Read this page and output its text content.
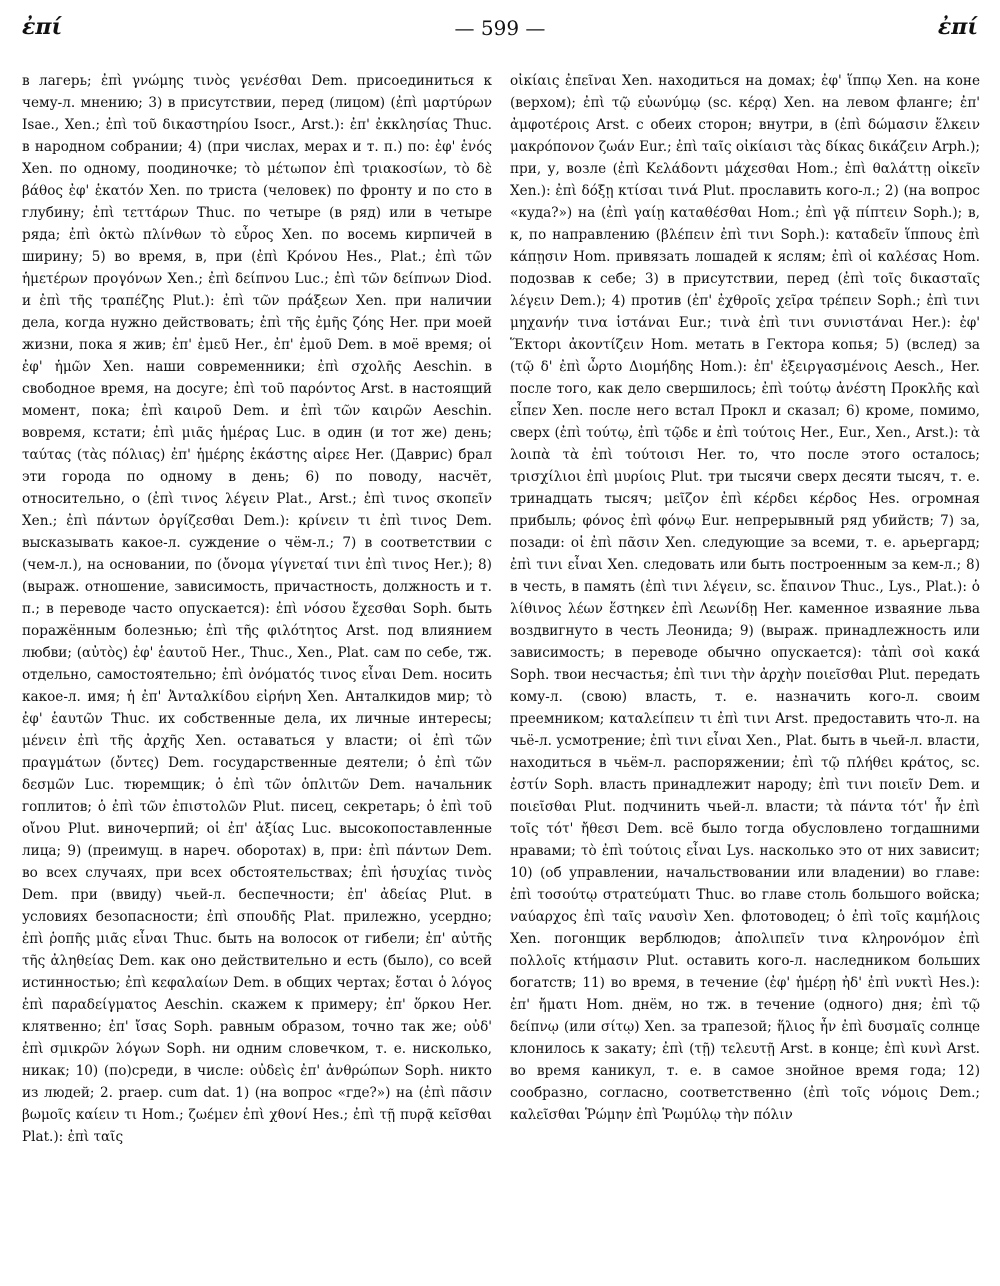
ἐπί	— 599 —	ἐπί

в лагерь; ἐπὶ γνώμης τινὸς γενέσθαι Dem. присоединиться к чему-л. мнению; 3) в присутствии, перед (лицом) (ἐπὶ μαρτύρων Isae., Xen.; ἐπὶ τοῦ δικαστηρίου Isocr., Arst.): ἐπ' ἐκκλησίας Thuc. в народном собрании; 4) (при числах, мерах и т. п.) по: ἐφ' ἑνός Xen. по одному, поодиночке; τὸ μέτωπον ἐπὶ τριακοσίων, τὸ δὲ βάθος ἐφ' ἑκατόν Xen. по триста (человек) по фронту и по сто в глубину; ἐπὶ τεττάρων Thuc. по четыре (в ряд) или в четыре ряда; ἐπὶ ὀκτὼ πλίνθων τὸ εὖρος Xen. по восемь кирпичей в ширину; 5) во время, в, при (ἐπὶ Κρόνου Hes., Plat.; ἐπὶ τῶν ἡμετέρων προγόνων Xen.; ἐπὶ δείπνου Luc.; ἐπὶ τῶν δείπνων Diod. и ἐπὶ τῆς τραπέζης Plut.): ἐπὶ τῶν πράξεων Xen. при наличии дела, когда нужно действовать; ἐπὶ τῆς ἐμῆς ζόης Her. при моей жизни, пока я жив; ἐπ' ἐμεῦ Her., ἐπ' ἐμοῦ Dem. в моё время; οἱ ἐφ' ἡμῶν Xen. наши современники; ἐπὶ σχολῆς Aeschin. в свободное время, на досуге; ἐπὶ τοῦ παρόντος Arst. в настоящий момент, пока; ἐπὶ καιροῦ Dem. и ἐπὶ τῶν καιρῶν Aeschin. вовремя, кстати; ἐπὶ μιᾶς ἡμέρας Luc. в один (и тот же) день; ταύτας (τὰς πόλιας) ἐπ' ἡμέρης ἑκάστης αἱρεε Her. (Даврис) брал эти города по одному в день; 6) по поводу, насчёт, относительно, о (ἐπὶ τινος λέγειν Plat., Arst.; ἐπὶ τινος σκοπεῖν Xen.; ἐπὶ πάντων ὀργίζεσθαι Dem.): κρίνειν τι ἐπὶ τινος Dem. высказывать какое-л. суждение о чём-л.; 7) в соответствии с (чем-л.), на основании, по (ὄνομα γίγνεταί τινι ἐπὶ τινος Her.); 8) (выраж. отношение, зависимость, причастность, должность и т. п.; в переводе часто опускается): ἐπὶ νόσου ἔχεσθαι Soph. быть поражённым болезнью; ἐπὶ τῆς φιλότητος Arst. под влиянием любви; (αὐτὸς) ἐφ' ἑαυτοῦ Her., Thuc., Xen., Plat. сам по себе, тж. отдельно, самостоятельно; ἐπὶ ὀνόματός τινος εἶναι Dem. носить какое-л. имя; ἡ ἐπ' Ἀνταλκίδου εἰρήνη Xen. Анталкидов мир; τὸ ἐφ' ἑαυτῶν Thuc. их собственные дела, их личные интересы; μένειν ἐπὶ τῆς ἀρχῆς Xen. оставаться у власти; οἱ ἐπὶ τῶν πραγμάτων (ὄντες) Dem. государственные деятели; ὁ ἐπὶ τῶν δεσμῶν Luc. тюремщик; ὁ ἐπὶ τῶν ὁπλιτῶν Dem. начальник гоплитов; ὁ ἐπὶ τῶν ἐπιστολῶν Plut. писец, секретарь; ὁ ἐπὶ τοῦ οἴνου Plut. виночерпий; οἱ ἐπ' ἀξίας Luc. высокопоставленные лица; 9) (преимущ. в нареч. оборотах) в, при: ἐπὶ πάντων Dem. во всех случаях, при всех обстоятельствах; ἐπὶ ἡσυχίας τινὸς Dem. при (ввиду) чьей-л. беспечности; ἐπ' ἀδείας Plut. в условиях безопасности; ἐπὶ σπουδῆς Plat. прилежно, усердно; ἐπὶ ῥοπῆς μιᾶς εἶναι Thuc. быть на волосок от гибели; ἐπ' αὐτῆς τῆς ἀληθείας Dem. как оно действительно и есть (было), со всей истинностью; ἐπὶ κεφαλαίων Dem. в общих чертах; ἔσται ὁ λόγος ἐπὶ παραδείγματος Aeschin. скажем к примеру; ἐπ' ὅρκου Her. клятвенно; ἐπ' ἴσας Soph. равным образом, точно так же; οὐδ' ἐπὶ σμικρῶν λόγων Soph. ни одним словечком, т. е. нисколько, никак; 10) (по)среди, в числе: οὐδεὶς ἐπ' ἀνθρώπων Soph. никто из людей; 2. praep. cum dat. 1) (на вопрос «где?») на (ἐπὶ πᾶσιν βωμοῖς καίειν τι Hom.; ζωέμεν ἐπὶ χθονί Hes.; ἐπὶ τῇ πυρᾷ κεῖσθαι Plat.): ἐπὶ ταῖς

οἰκίαις ἐπεῖναι Xen. находиться на домах; ἐφ' ἵππῳ Xen. на коне (верхом); ἐπὶ τῷ εὐωνύμῳ (sc. κέρᾳ) Xen. на левом фланге; ἐπ' ἀμφοτέροις Arst. с обеих сторон; внутри, в (ἐπὶ δώμασιν ἕλκειν μακρόπονον ζωάν Eur.; ἐπὶ ταῖς οἰκίαισι τὰς δίκας δικάζειν Arph.); при, у, возле (ἐπὶ Κελάδοντι μάχεσθαι Hom.; ἐπὶ θαλάττῃ οἰκεῖν Xen.): ἐπὶ δόξῃ κτίσαι τινά Plut. прославить кого-л.; 2) (на вопрос «куда?») на (ἐπὶ γαίῃ καταθέσθαι Hom.; ἐπὶ γᾷ πίπτειν Soph.); в, к, по направлению (βλέπειν ἐπὶ τινι Soph.): καταδεῖν ἵππους ἐπὶ κάπῃσιν Hom. привязать лошадей к яслям; ἐπὶ οἱ καλέσας Hom. подозвав к себе; 3) в присутствии, перед (ἐπὶ τοῖς δικασταῖς λέγειν Dem.); 4) против (ἐπ' ἐχθροῖς χεῖρα τρέπειν Soph.; ἐπὶ τινι μηχανήν τινα ἱστάναι Eur.; τινὰ ἐπὶ τινι συνιστάναι Her.): ἐφ' Ἕκτορι ἀκοντίζειν Hom. метать в Гектора копья; 5) (вслед) за (τῷ δ' ἐπὶ ὦρτο Διομήδης Hom.): ἐπ' ἐξειργασμένοις Aesch., Her. после того, как дело свершилось; ἐπὶ τούτῳ ἀνέστη Προκλῆς καὶ εἶπεν Xen. после него встал Прокл и сказал; 6) кроме, помимо, сверх (ἐπὶ τούτῳ, ἐπὶ τῷδε и ἐπὶ τούτοις Her., Eur., Xen., Arst.): τὰ λοιπὰ τὰ ἐπὶ τούτοισι Her. то, что после этого осталось; τρισχίλιοι ἐπὶ μυρίοις Plut. три тысячи сверх десяти тысяч, т. е. тринадцать тысяч; μεῖζον ἐπὶ κέρδει κέρδος Hes. огромная прибыль; φόνος ἐπὶ φόνῳ Eur. непрерывный ряд убийств; 7) за, позади: οἱ ἐπὶ πᾶσιν Xen. следующие за всеми, т. е. арьергард; ἐπὶ τινι εἶναι Xen. следовать или быть построенным за кем-л.; 8) в честь, в память (ἐπὶ τινι λέγειν, sc. ἔπαινον Thuc., Lys., Plat.): ὁ λίθινος λέων ἕστηκεν ἐπὶ Λεωνίδῃ Her. каменное изваяние льва воздвигнуто в честь Леонида; 9) (выраж. принадлежность или зависимость; в переводе обычно опускается): τἀπὶ σοὶ κακά Soph. твои несчастья; ἐπὶ τινι τὴν ἀρχὴν ποιεῖσθαι Plut. передать кому-л. (свою) власть, т. е. назначить кого-л. своим преемником; καταλείπειν τι ἐπὶ τινι Arst. предоставить что-л. на чьё-л. усмотрение; ἐπὶ τινι εἶναι Xen., Plat. быть в чьей-л. власти, находиться в чьём-л. распоряжении; ἐπὶ τῷ πλήθει κράτος, sc. ἐστίν Soph. власть принадлежит народу; ἐπὶ τινι ποιεῖν Dem. и ποιεῖσθαι Plut. подчинить чьей-л. власти; τὰ πάντα τότ' ἦν ἐπὶ τοῖς τότ' ἤθεσι Dem. всё было тогда обусловлено тогдашними нравами; τὸ ἐπὶ τούτοις εἶναι Lys. насколько это от них зависит; 10) (об управлении, начальствовании или владении) во главе: ἐπὶ τοσούτῳ στρατεύματι Thuc. во главе столь большого войска; ναύαρχος ἐπὶ ταῖς ναυσὶν Xen. флотоводец; ὁ ἐπὶ τοῖς καμήλοις Xen. погонщик верблюдов; ἀπολιπεῖν τινα κληρονόμον ἐπὶ πολλοῖς κτήμασιν Plut. оставить кого-л. наследником больших богатств; 11) во время, в течение (ἐφ' ἡμέρῃ ἠδ' ἐπὶ νυκτὶ Hes.): ἐπ' ἤματι Hom. днём, но тж. в течение (одного) дня; ἐπὶ τῷ δείπνῳ (или σίτῳ) Xen. за трапезой; ἥλιος ἦν ἐπὶ δυσμαῖς солнце клонилось к закату; ἐπὶ (τῇ) τελευτῇ Arst. в конце; ἐπὶ κυνὶ Arst. во время каникул, т. е. в самое знойное время года; 12) сообразно, согласно, соответственно (ἐπὶ τοῖς νόμοις Dem.; καλεῖσθαι Ῥώμην ἐπὶ Ῥωμύλῳ τὴν πόλιν
